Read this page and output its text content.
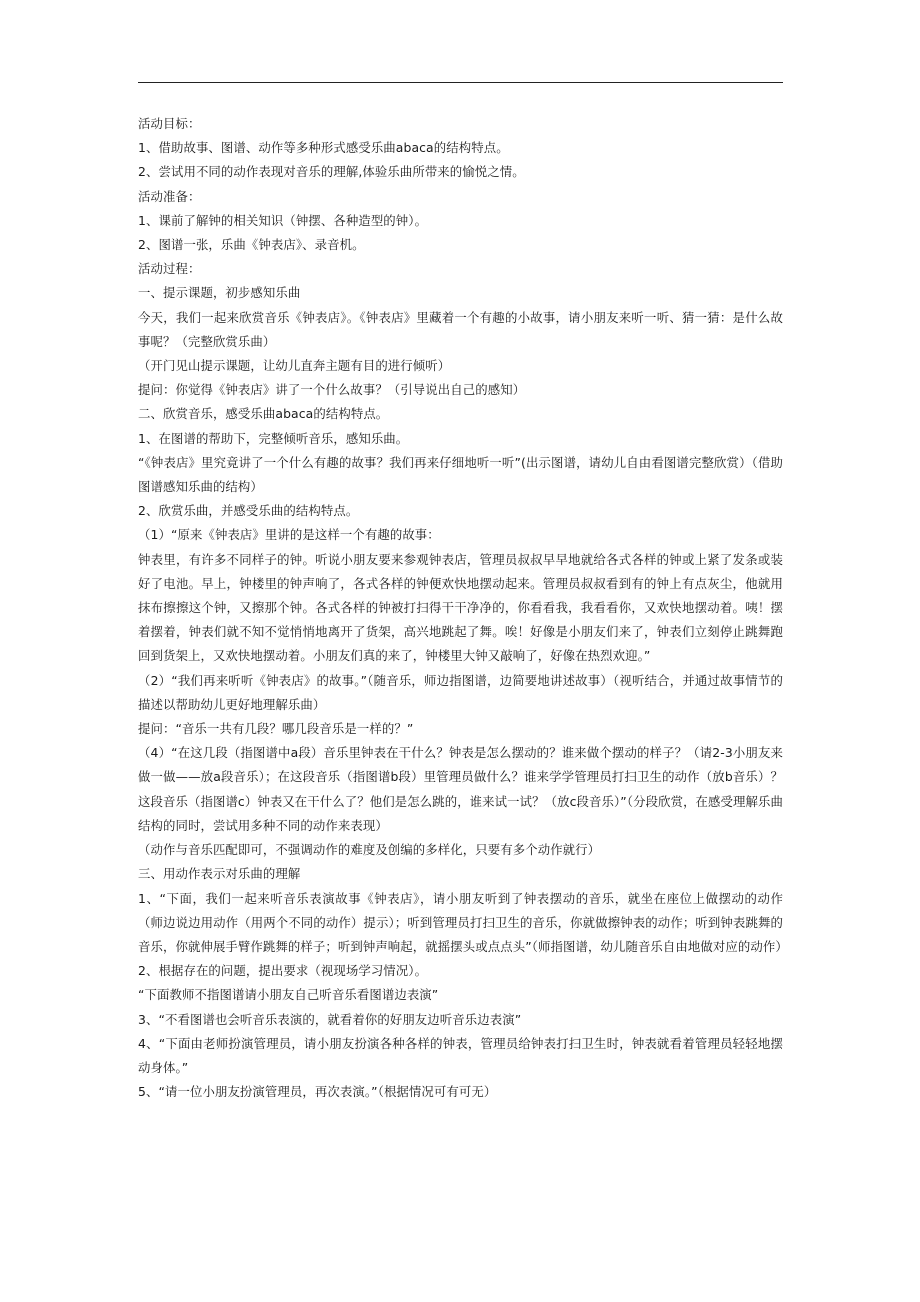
活动目标：

1、借助故事、图谱、动作等多种形式感受乐曲abaca的结构特点。

2、尝试用不同的动作表现对音乐的理解,体验乐曲所带来的愉悦之情。

活动准备：

1、课前了解钟的相关知识（钟摆、各种造型的钟）。

2、图谱一张，乐曲《钟表店》、录音机。

活动过程：

一、提示课题，初步感知乐曲

今天，我们一起来欣赏音乐《钟表店》。《钟表店》里藏着一个有趣的小故事，请小朋友来听一听、猜一猜：是什么故事呢？（完整欣赏乐曲）

（开门见山提示课题，让幼儿直奔主题有目的进行倾听）

提问：你觉得《钟表店》讲了一个什么故事？（引导说出自己的感知）

二、欣赏音乐，感受乐曲abaca的结构特点。

1、在图谱的帮助下，完整倾听音乐，感知乐曲。

“《钟表店》里究竟讲了一个什么有趣的故事？我们再来仔细地听一听”(出示图谱，请幼儿自由看图谱完整欣赏）（借助图谱感知乐曲的结构）

2、欣赏乐曲，并感受乐曲的结构特点。

（1）“原来《钟表店》里讲的是这样一个有趣的故事：

钟表里，有许多不同样子的钟。听说小朋友要来参观钟表店，管理员叔叔早早地就给各式各样的钟或上紧了发条或装好了电池。早上，钟楼里的钟声响了，各式各样的钟便欢快地摆动起来。管理员叔叔看到有的钟上有点灰尘，他就用抹布擦擦这个钟，又擦那个钟。各式各样的钟被打扫得干干净净的，你看看我，我看看你，又欢快地摆动着。咦！摆着摆着，钟表们就不知不觉悄悄地离开了货架，高兴地跳起了舞。唉！好像是小朋友们来了，钟表们立刻停止跳舞跑回到货架上，又欢快地摆动着。小朋友们真的来了，钟楼里大钟又敲响了，好像在热烈欢迎。”

（2）“我们再来听听《钟表店》的故事。”（随音乐，师边指图谱，边简要地讲述故事）（视听结合，并通过故事情节的描述以帮助幼儿更好地理解乐曲）

提问：“音乐一共有几段？哪几段音乐是一样的？”

（4）“在这几段（指图谱中a段）音乐里钟表在干什么？钟表是怎么摆动的？谁来做个摆动的样子？（请2-3小朋友来做一做——放a段音乐）；在这段音乐（指图谱b段）里管理员做什么？谁来学学管理员打扫卫生的动作（放b音乐）？这段音乐（指图谱c）钟表又在干什么了？他们是怎么跳的，谁来试一试？（放c段音乐）”（分段欣赏，在感受理解乐曲结构的同时，尝试用多种不同的动作来表现）

（动作与音乐匹配即可，不强调动作的难度及创编的多样化，只要有多个动作就行）

三、用动作表示对乐曲的理解

1、“下面，我们一起来听音乐表演故事《钟表店》，请小朋友听到了钟表摆动的音乐，就坐在座位上做摆动的动作（师边说边用动作（用两个不同的动作）提示）；听到管理员打扫卫生的音乐，你就做擦钟表的动作；听到钟表跳舞的音乐，你就伸展手臂作跳舞的样子；听到钟声响起，就摇摆头或点点头”（师指图谱，幼儿随音乐自由地做对应的动作）

2、根据存在的问题，提出要求（视现场学习情况）。

“下面教师不指图谱请小朋友自己听音乐看图谱边表演”

3、“不看图谱也会听音乐表演的，就看着你的好朋友边听音乐边表演”

4、“下面由老师扮演管理员，请小朋友扮演各种各样的钟表，管理员给钟表打扫卫生时，钟表就看着管理员轻轻地摆动身体。”

5、“请一位小朋友扮演管理员，再次表演。”（根据情况可有可无）
